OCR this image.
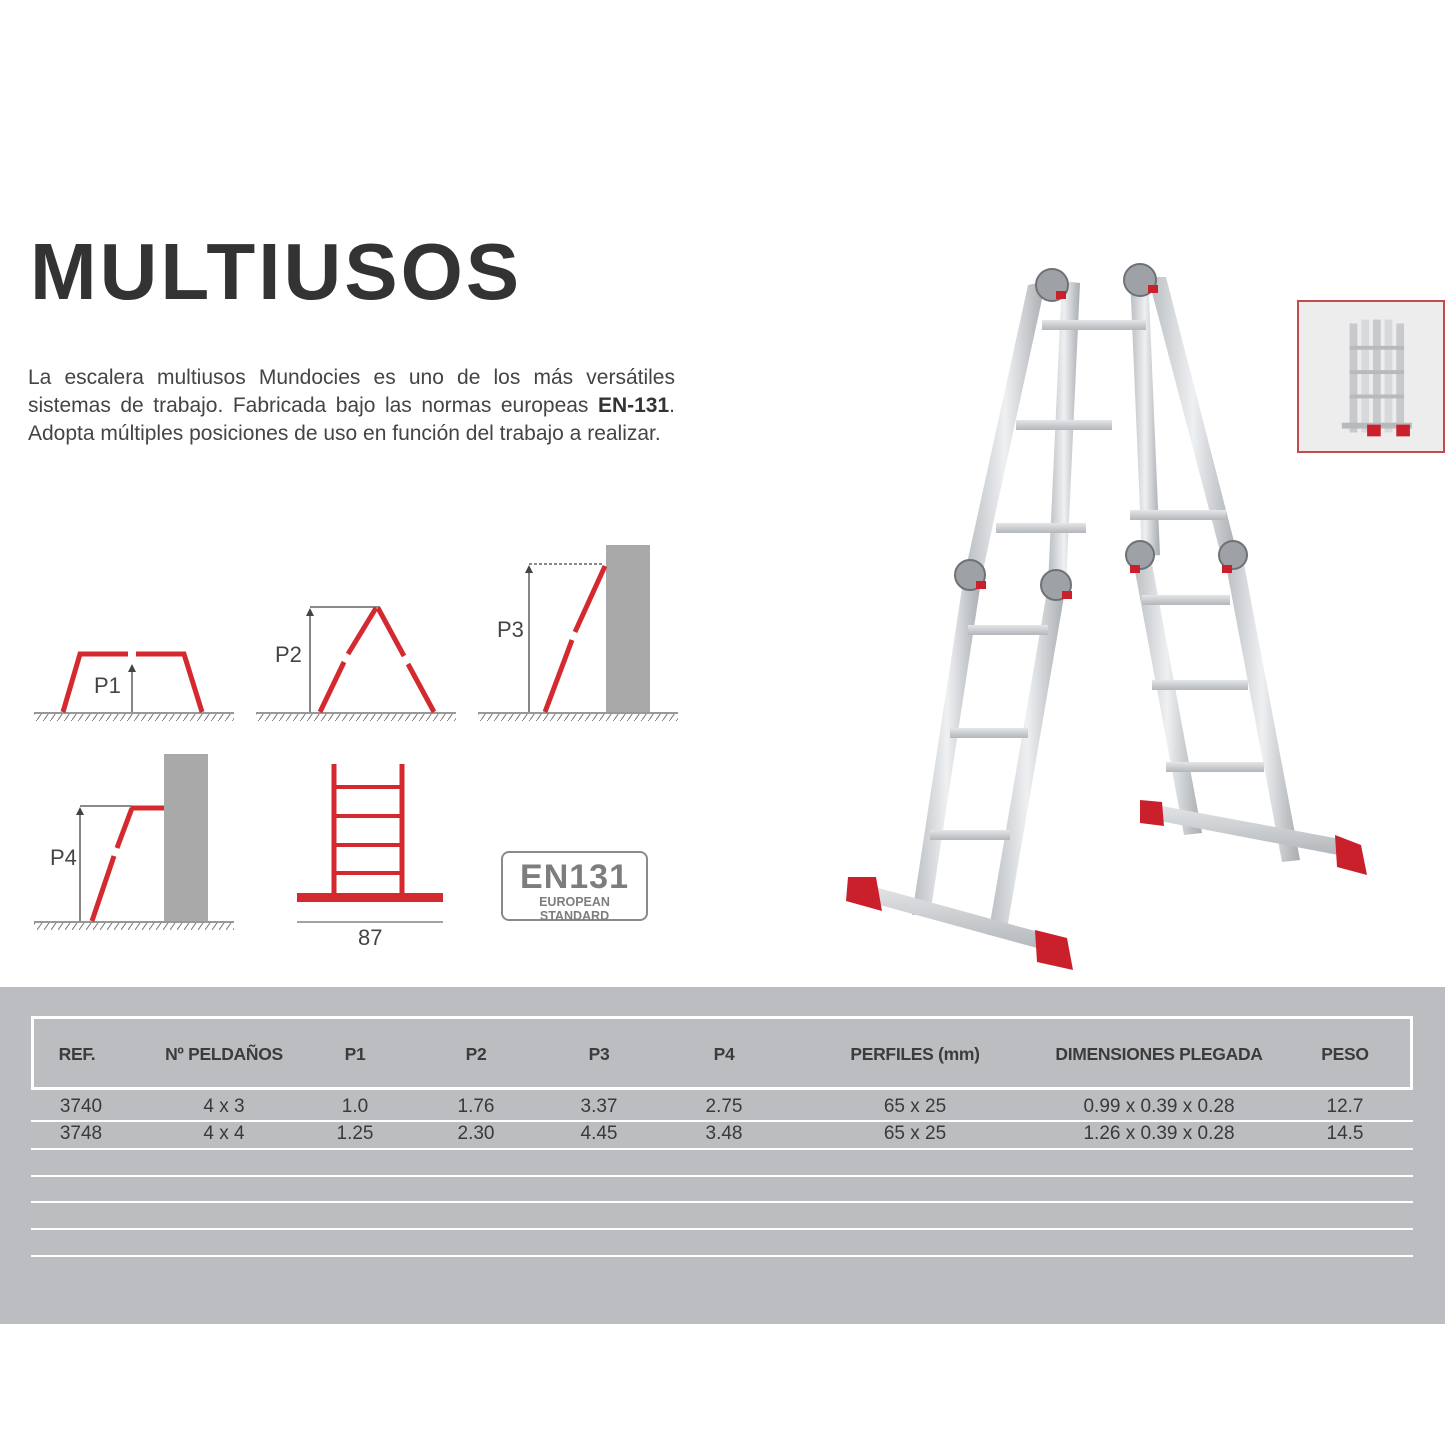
MULTIUSOS

La escalera multiusos Mundocies es uno de los más versátiles sistemas de trabajo. Fabricada bajo las normas europeas EN-131. Adopta múltiples posiciones de uso en función del trabajo a realizar.

P1
P2
P3
P4
87
EN131
EUROPEAN STANDARD
REF.	Nº PELDAÑOS	P1	P2	P3	P4	PERFILES (mm)	DIMENSIONES PLEGADA	PESO
3740	4 x 3	1.0	1.76	3.37	2.75	65 x 25	0.99 x 0.39 x 0.28	12.7
3748	4 x 4	1.25	2.30	4.45	3.48	65 x 25	1.26 x 0.39 x 0.28	14.5
